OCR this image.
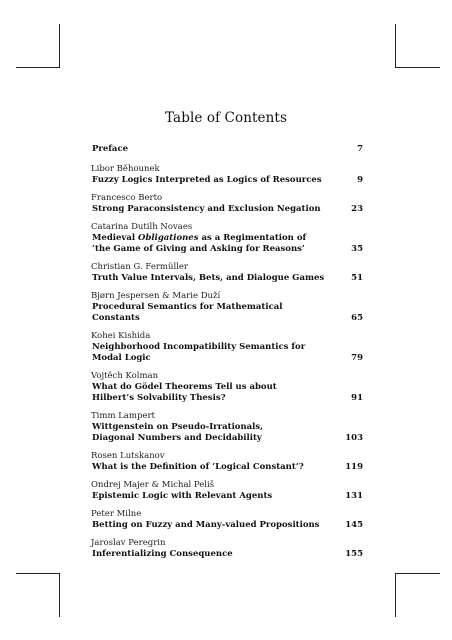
Table of Contents
Preface	7
Libor Běhounek
Fuzzy Logics Interpreted as Logics of Resources	9
Francesco Berto
Strong Paraconsistency and Exclusion Negation	23
Catarina Dutilh Novaes
Medieval Obligationes as a Regimentation of
‘the Game of Giving and Asking for Reasons’	35
Christian G. Fermüller
Truth Value Intervals, Bets, and Dialogue Games	51
Bjørn Jespersen & Marie Duží
Procedural Semantics for Mathematical Constants	65
Kohei Kishida
Neighborhood Incompatibility Semantics for Modal Logic	79
Vojtěch Kolman
What do Gödel Theorems Tell us about
Hilbert’s Solvability Thesis?	91
Timm Lampert
Wittgenstein on Pseudo-Irrationals,
Diagonal Numbers and Decidability	103
Rosen Lutskanov
What is the Definition of ‘Logical Constant’?	119
Ondrej Majer & Michal Peliš
Epistemic Logic with Relevant Agents	131
Peter Milne
Betting on Fuzzy and Many-valued Propositions	145
Jaroslav Peregrin
Inferentializing Consequence	155
